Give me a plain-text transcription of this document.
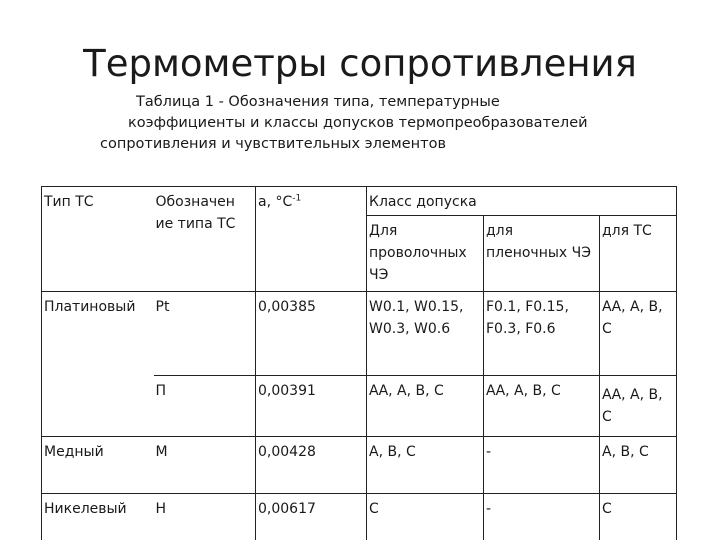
Термометры сопротивления

Таблица 1 - Обозначения типа, температурные
коэффициенты и классы допусков термопреобразователей
сопротивления и чувствительных элементов

Тип ТС	Обозначен ие типа ТС	а, $^\circ С^{-1}$	Класс допуска		
			Для проволочных ЧЭ	для пленочных ЧЭ	для ТС
Платиновый	Pt	0,00385	W0.1, W0.15, W0.3, W0.6	F0.1, F0.15, F0.3, F0.6	АА, А, В, С
	П	0,00391	АА, А, В, С	АА, А, В, С	АА, А, В, С
Медный	М	0,00428	А, В, С	-	А, В, С
Никелевый	Н	0,00617	С	-	С
